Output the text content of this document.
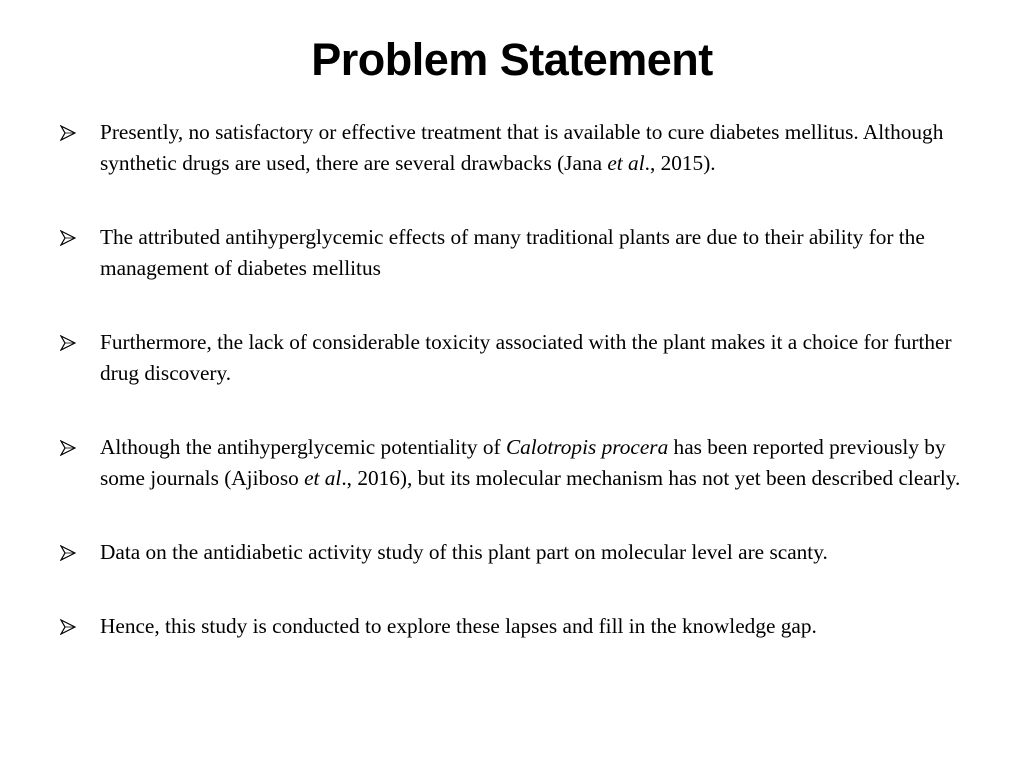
Problem Statement
Presently, no satisfactory or effective treatment that is available to cure diabetes mellitus. Although synthetic drugs are used, there are several drawbacks (Jana et al., 2015).
The attributed antihyperglycemic effects of many traditional plants are due to their ability for the management of diabetes mellitus
Furthermore, the lack of considerable toxicity associated with the plant makes it a choice for further drug discovery.
Although the antihyperglycemic potentiality of Calotropis procera has been reported previously by some journals (Ajiboso et al., 2016), but its molecular mechanism has not yet been described clearly.
Data on the antidiabetic activity study of this plant part on molecular level are scanty.
Hence, this study is conducted to explore these lapses and fill in the knowledge gap.
